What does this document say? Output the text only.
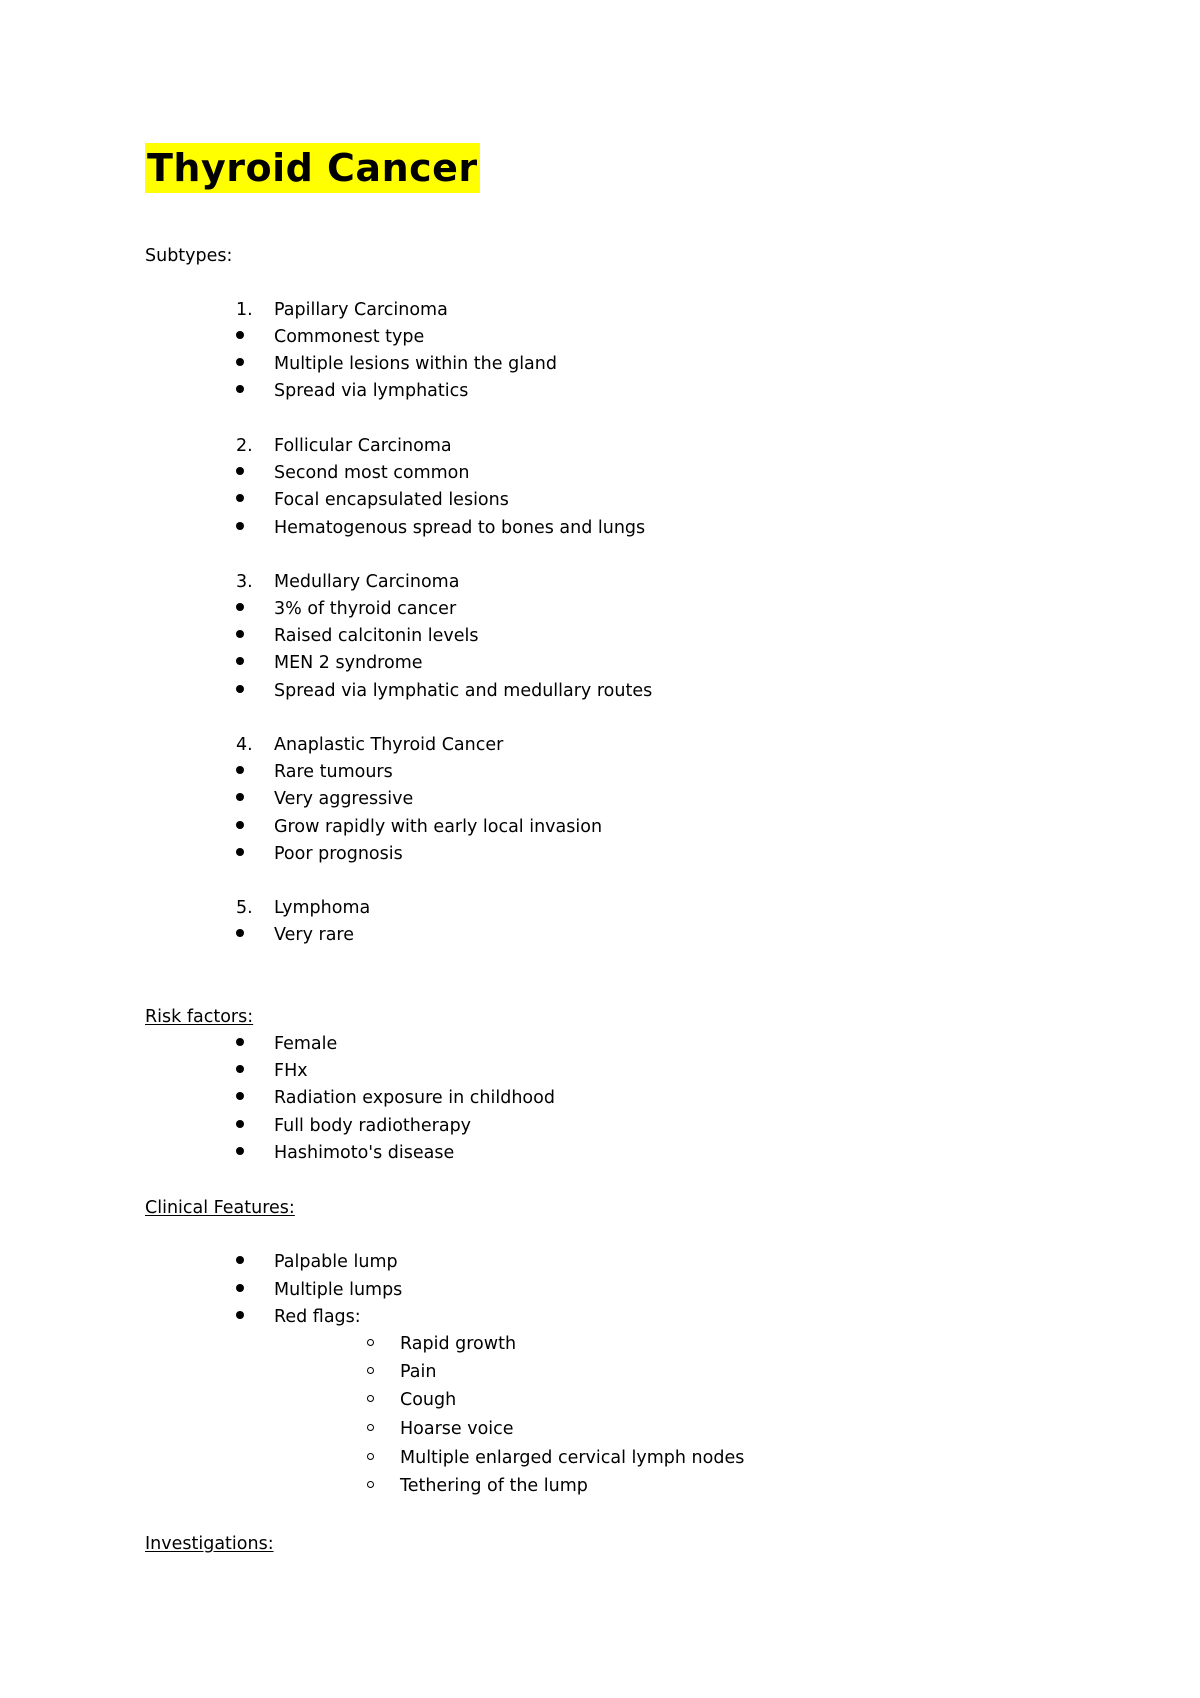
Thyroid Cancer
Subtypes:
1. Papillary Carcinoma
Commonest type
Multiple lesions within the gland
Spread via lymphatics
2. Follicular Carcinoma
Second most common
Focal encapsulated lesions
Hematogenous spread to bones and lungs
3. Medullary Carcinoma
3% of thyroid cancer
Raised calcitonin levels
MEN 2 syndrome
Spread via lymphatic and medullary routes
4. Anaplastic Thyroid Cancer
Rare tumours
Very aggressive
Grow rapidly with early local invasion
Poor prognosis
5. Lymphoma
Very rare
Risk factors:
Female
FHx
Radiation exposure in childhood
Full body radiotherapy
Hashimoto's disease
Clinical Features:
Palpable lump
Multiple lumps
Red flags:
Rapid growth
Pain
Cough
Hoarse voice
Multiple enlarged cervical lymph nodes
Tethering of the lump
Investigations:
